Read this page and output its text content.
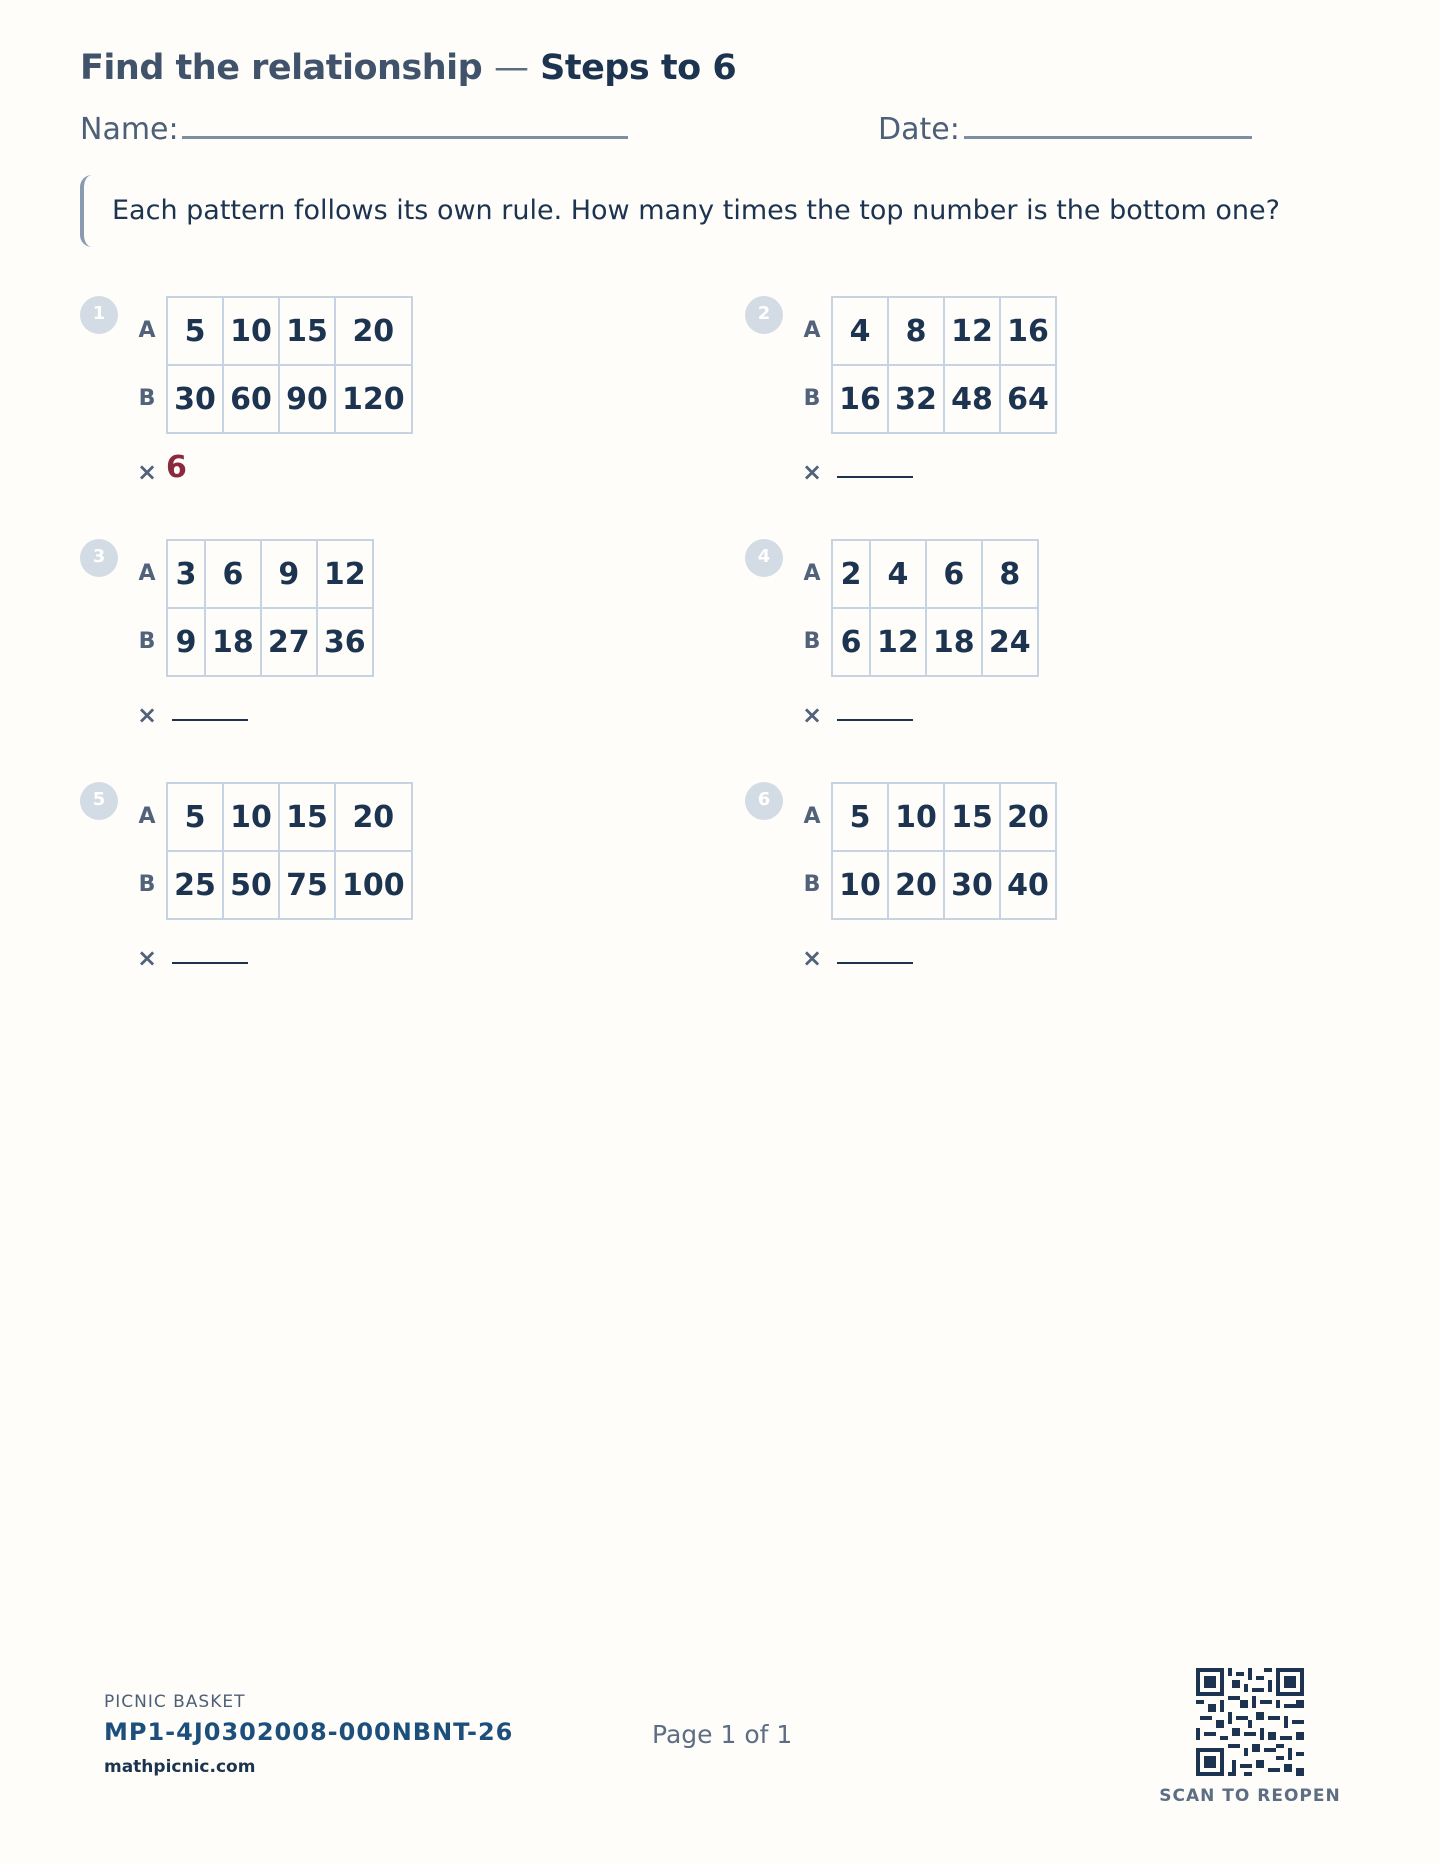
Find the relationship — Steps to 6
Name:	Date:
Each pattern follows its own rule. How many times the top number is the bottom one?
1
A
B
5	10	15	20
30	60	90	120
× 6
2
A
B
4	8	12	16
16	32	48	64
×
3
A
B
3	6	9	12
9	18	27	36
×
4
A
B
2	4	6	8
6	12	18	24
×
5
A
B
5	10	15	20
25	50	75	100
×
6
A
B
5	10	15	20
10	20	30	40
×
PICNIC BASKET
MP1-4J0302008-000NBNT-26
mathpicnic.com
Page 1 of 1
SCAN TO REOPEN
